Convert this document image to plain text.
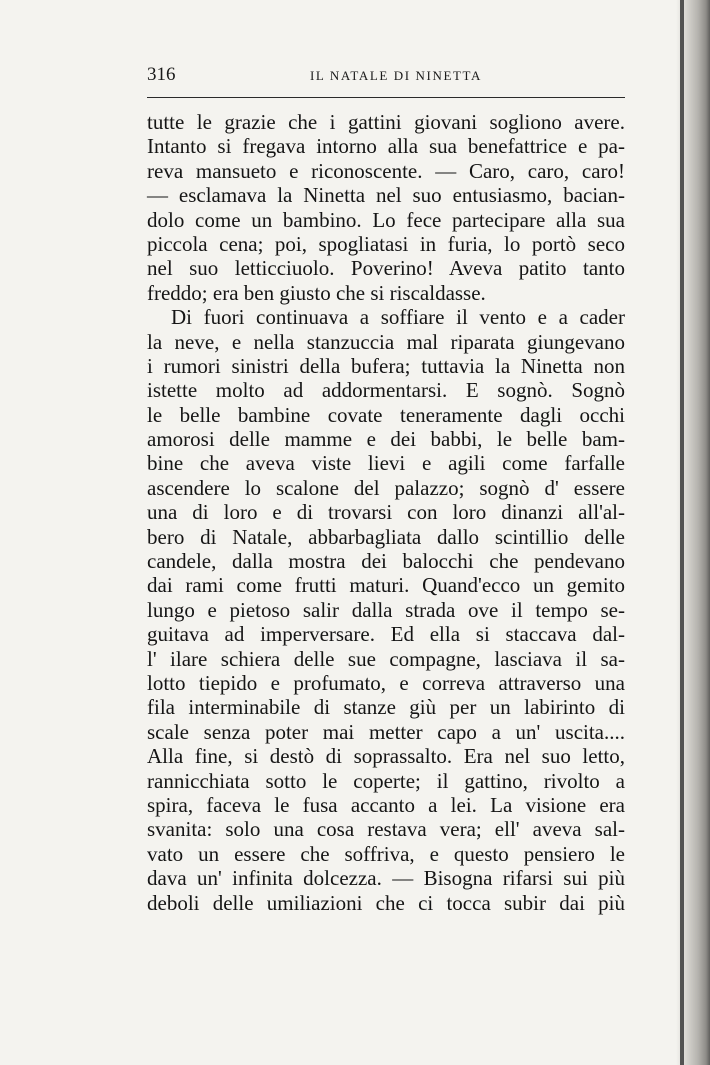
316	IL NATALE DI NINETTA
tutte le grazie che i gattini giovani sogliono avere.
Intanto si fregava intorno alla sua benefattrice e pa-
reva mansueto e riconoscente. — Caro, caro, caro!
— esclamava la Ninetta nel suo entusiasmo, bacian-
dolo come un bambino. Lo fece partecipare alla sua
piccola cena; poi, spogliatasi in furia, lo portò seco
nel suo letticciuolo. Poverino! Aveva patito tanto
freddo; era ben giusto che si riscaldasse.
Di fuori continuava a soffiare il vento e a cader
la neve, e nella stanzuccia mal riparata giungevano
i rumori sinistri della bufera; tuttavia la Ninetta non
istette molto ad addormentarsi. E sognò. Sognò
le belle bambine covate teneramente dagli occhi
amorosi delle mamme e dei babbi, le belle bam-
bine che aveva viste lievi e agili come farfalle
ascendere lo scalone del palazzo; sognò d' essere
una di loro e di trovarsi con loro dinanzi all'al-
bero di Natale, abbarbagliata dallo scintillio delle
candele, dalla mostra dei balocchi che pendevano
dai rami come frutti maturi. Quand'ecco un gemito
lungo e pietoso salir dalla strada ove il tempo se-
guitava ad imperversare. Ed ella si staccava dal-
l' ilare schiera delle sue compagne, lasciava il sa-
lotto tiepido e profumato, e correva attraverso una
fila interminabile di stanze giù per un labirinto di
scale senza poter mai metter capo a un' uscita....
Alla fine, si destò di soprassalto. Era nel suo letto,
rannicchiata sotto le coperte; il gattino, rivolto a
spira, faceva le fusa accanto a lei. La visione era
svanita: solo una cosa restava vera; ell' aveva sal-
vato un essere che soffriva, e questo pensiero le
dava un' infinita dolcezza. — Bisogna rifarsi sui più
deboli delle umiliazioni che ci tocca subir dai più
